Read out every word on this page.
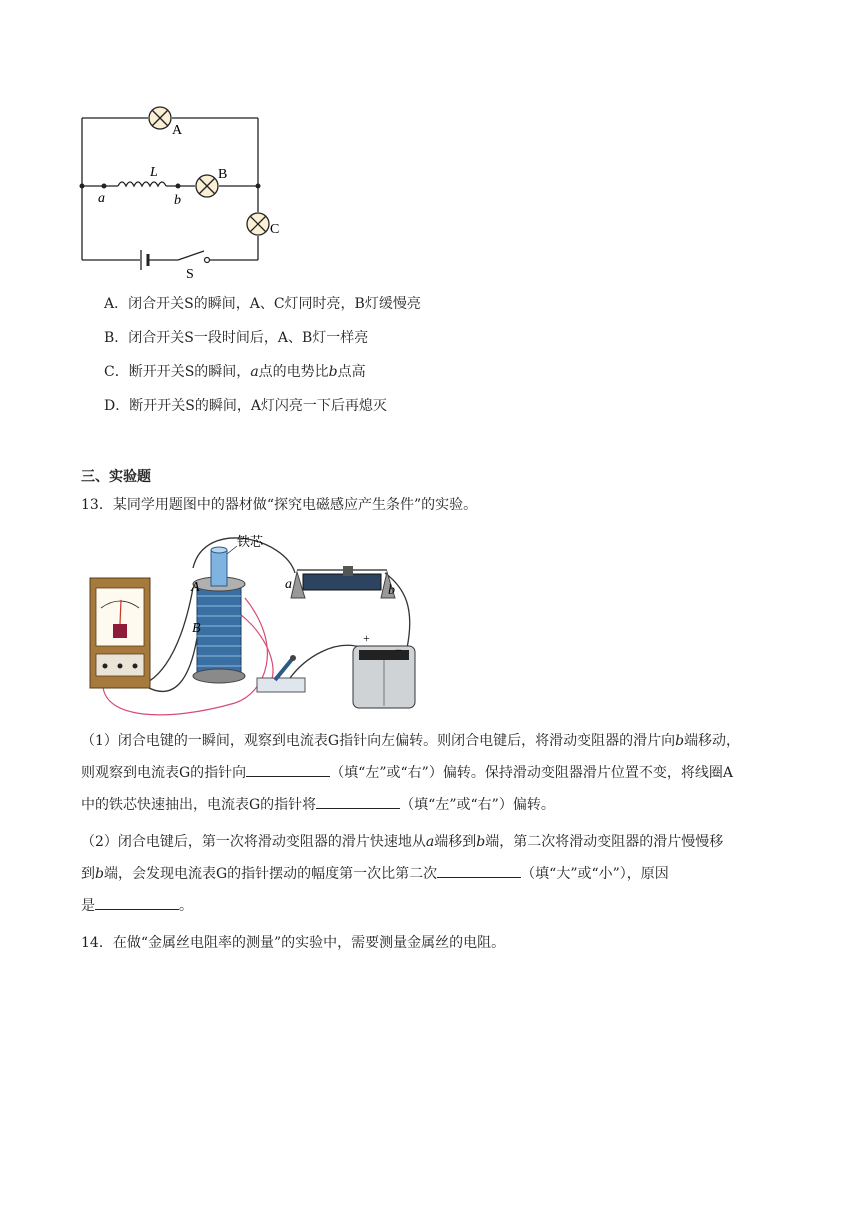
A
B
C
L
a	b
S
A．闭合开关S的瞬间，A、C灯同时亮，B灯缓慢亮
B．闭合开关S一段时间后，A、B灯一样亮
C．断开开关S的瞬间，a点的电势比b点高
D．断开开关S的瞬间，A灯闪亮一下后再熄灭
三、实验题
13．某同学用题图中的器材做“探究电磁感应产生条件”的实验。
铁芯
A
B
a	b
+
−
（1）闭合电键的一瞬间，观察到电流表G指针向左偏转。则闭合电键后，将滑动变阻器的滑片向b端移动，
则观察到电流表G的指针向	（填“左”或“右”）偏转。保持滑动变阻器滑片位置不变，将线圈A
中的铁芯快速抽出，电流表G的指针将	（填“左”或“右”）偏转。
（2）闭合电键后，第一次将滑动变阻器的滑片快速地从a端移到b端，第二次将滑动变阻器的滑片慢慢移
到b端，会发现电流表G的指针摆动的幅度第一次比第二次	（填“大”或“小”），原因
是	。
14．在做“金属丝电阻率的测量”的实验中，需要测量金属丝的电阻。
